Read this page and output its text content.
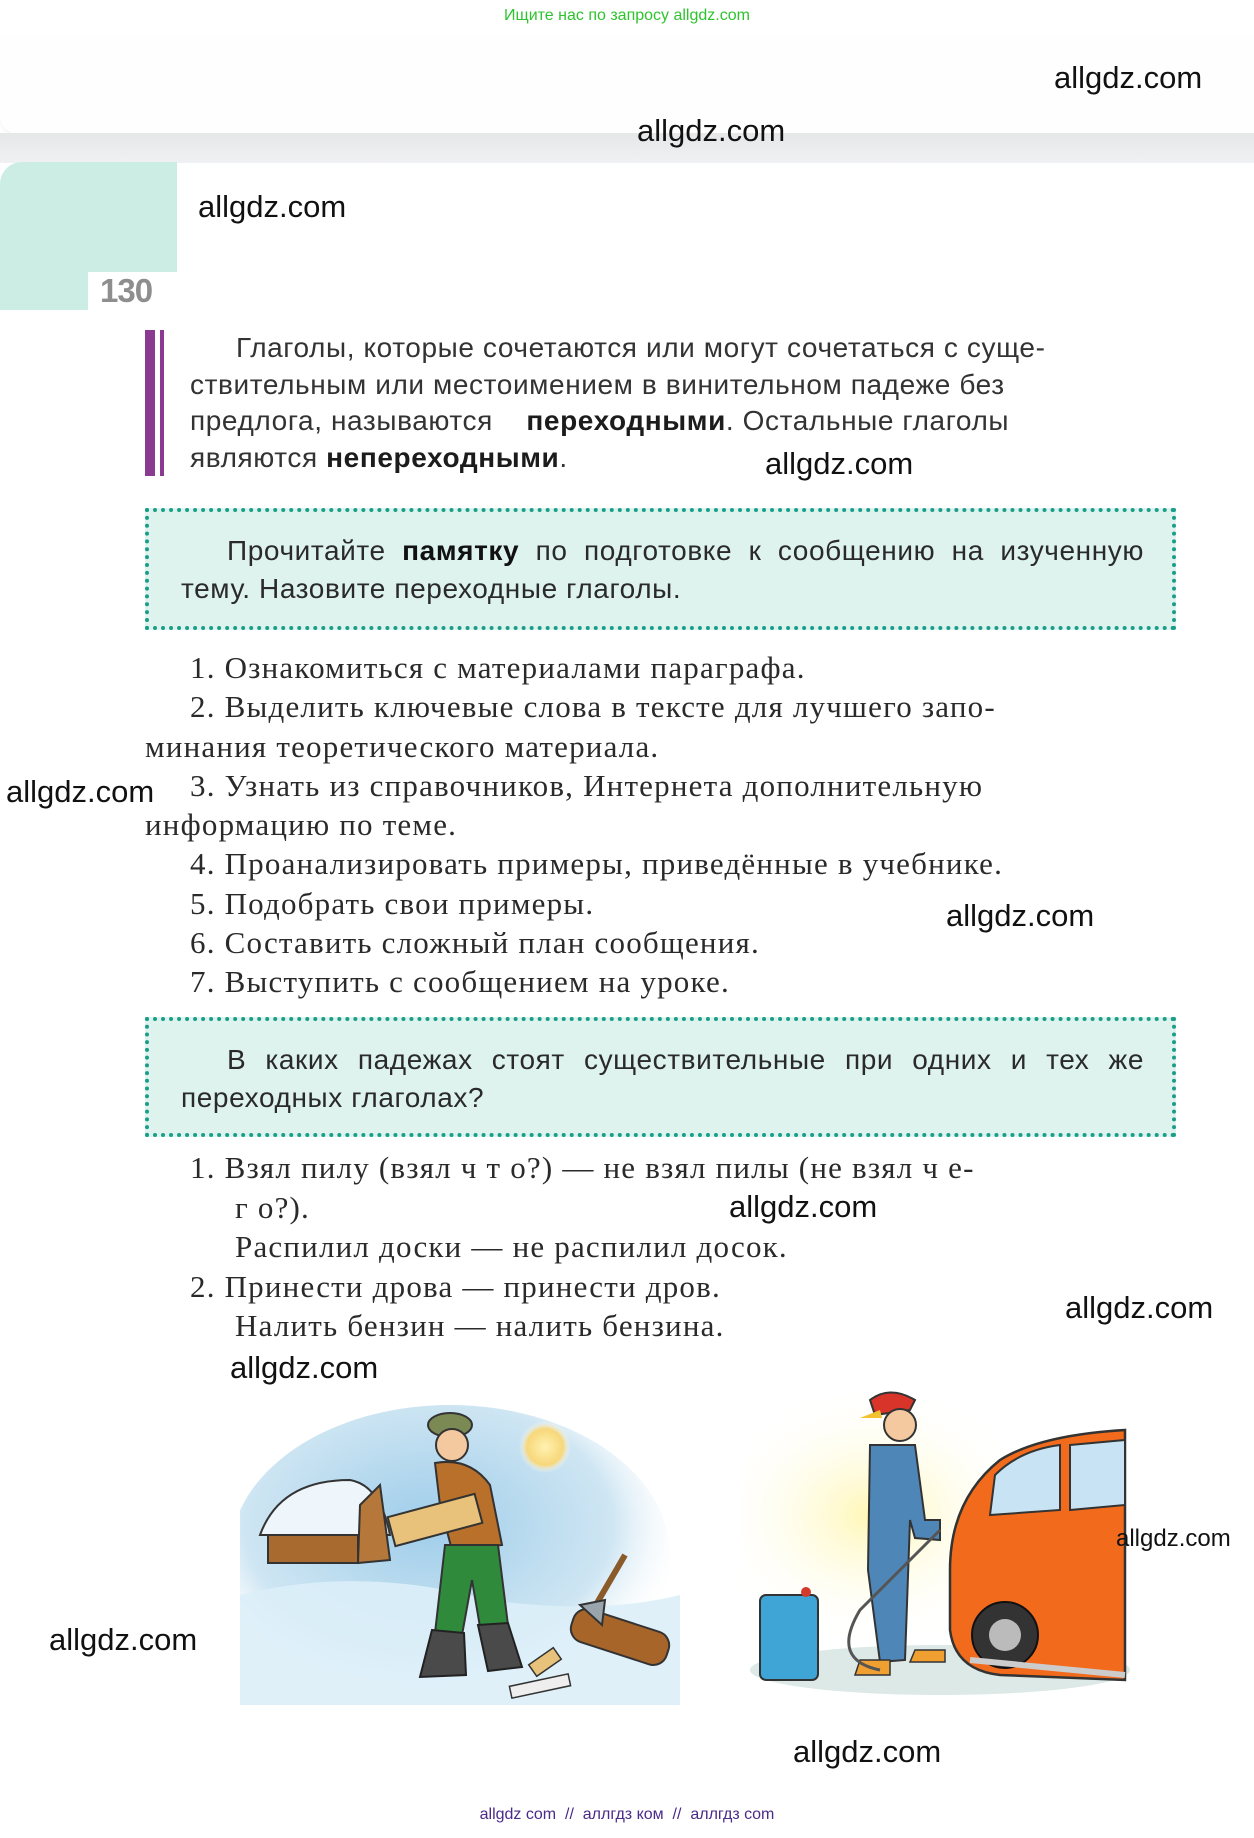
Ищите нас по запросу allgdz.com
130
Глаголы, которые сочетаются или могут сочетаться с суще-
ствительным или местоимением в винительном падеже без
предлога, называются переходными. Остальные глаголы
являются непереходными.
Прочитайте памятку по подготовке к сообщению на изученную тему. Назовите переходные глаголы.
1. Ознакомиться с материалами параграфа.
2. Выделить ключевые слова в тексте для лучшего запо-
минания теоретического материала.
3. Узнать из справочников, Интернета дополнительную
информацию по теме.
4. Проанализировать примеры, приведённые в учебнике.
5. Подобрать свои примеры.
6. Составить сложный план сообщения.
7. Выступить с сообщением на уроке.
В каких падежах стоят существительные при одних и тех же переходных глаголах?
1. Взял пилу (взял ч т о?) — не взял пилы (не взял ч е-
г о?).
Распилил доски — не распилил досок.
2. Принести дрова — принести дров.
Налить бензин — налить бензина.
allgdz.com
allgdz.com
allgdz.com
allgdz.com
allgdz.com
allgdz.com
allgdz.com
allgdz.com
allgdz.com
allgdz.com
allgdz.com
allgdz.com
allgdz com  //  аллгдз ком  //  аллгдз com
